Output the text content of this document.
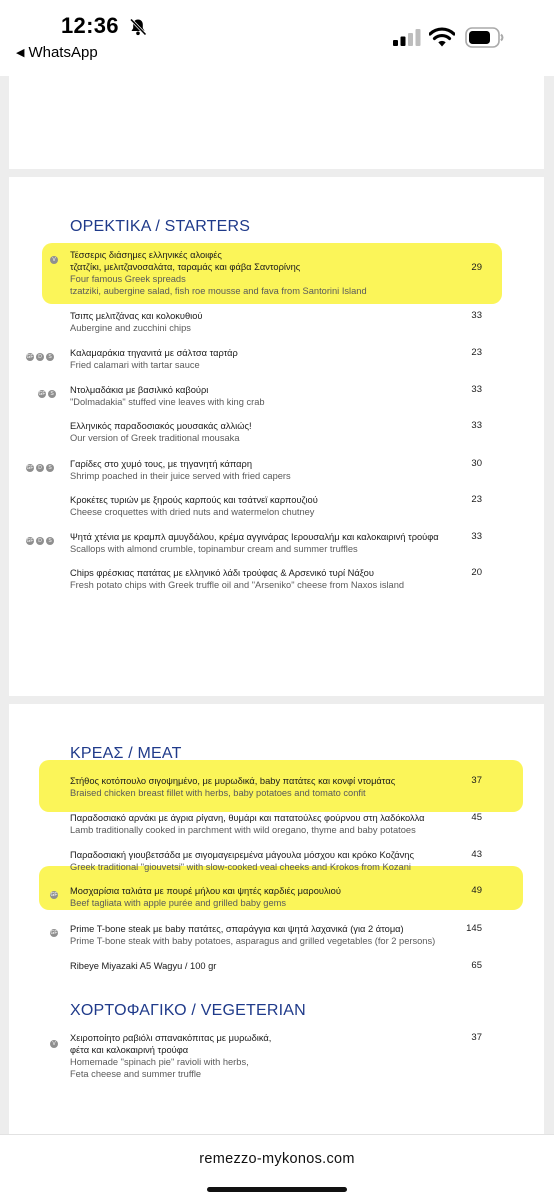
12:36
◀ WhatsApp
ΟΡΕΚΤΙΚΑ / STARTERS
V Τέσσερις διάσημες ελληνικές αλοιφές
τζατζίκι, μελιτζανοσαλάτα, ταραμάς και φάβα Σαντορίνης
Four famous Greek spreads
tzatziki, aubergine salad, fish roe mousse and fava from Santorini Island
29
Τσιπς μελιτζάνας και κολοκυθιού
Aubergine and zucchini chips
33
GF D	S Καλαμαράκια τηγανιτά με σάλτσα ταρτάρ
Fried calamari with tartar sauce
23
GF S Ντολμαδάκια με βασιλικό καβούρι
"Dolmadakia" stuffed vine leaves with king crab
33
Ελληνικός παραδοσιακός μουσακάς αλλιώς!
Our version of Greek traditional mousaka
33
GF D	S Γαρίδες στο χυμό τους, με τηγανητή κάπαρη
Shrimp poached in their juice served with fried capers
30
Κροκέτες τυριών με ξηρούς καρπούς και τσάτνεϊ καρπουζιού
Cheese croquettes with dried nuts and watermelon chutney
23
GF D	S Ψητά χτένια με κραμπλ αμυγδάλου, κρέμα αγγινάρας Ιερουσαλήμ και καλοκαιρινή τρούφα
Scallops with almond crumble, topinambur cream and summer truffles
33
Chips φρέσκιας πατάτας με ελληνικό λάδι τρούφας & Αρσενικό τυρί Νάξου
Fresh potato chips with Greek truffle oil and "Arseniko" cheese from Naxos island
20
ΚΡΕΑΣ / MEAT
Στήθος κοτόπουλο σιγοψημένο, με μυρωδικά, baby πατάτες και κονφί ντομάτας
Braised chicken breast fillet with herbs, baby potatoes and tomato confit
37
Παραδοσιακό αρνάκι με άγρια ρίγανη, θυμάρι και πατατούλες φούρνου στη λαδόκολλα
Lamb traditionally cooked in parchment with wild oregano, thyme and baby potatoes
45
Παραδοσιακή γιουβετσάδα με σιγομαγειρεμένα μάγουλα μόσχου και κρόκο Κοζάνης
Greek traditional "giouvetsi" with slow-cooked veal cheeks and Krokos from Kozani
43
GF Μοσχαρίσια ταλιάτα με πουρέ μήλου και ψητές καρδιές μαρουλιού
Beef tagliata with apple purée and grilled baby gems
49
GF Prime T-bone steak με baby πατάτες, σπαράγγια και ψητά λαχανικά (για 2 άτομα)
Prime T-bone steak with baby potatoes, asparagus and grilled vegetables (for 2 persons)
145
Ribeye Miyazaki A5 Wagyu / 100 gr	65
ΧΟΡΤΟΦΑΓΙΚΟ / VEGETERIAN
V
Χειροποίητο ραβιόλι σπανακόπιτας με μυρωδικά,
φέτα και καλοκαιρινή τρούφα
Homemade "spinach pie" ravioli with herbs,
Feta cheese and summer truffle
37
remezzo-mykonos.com
